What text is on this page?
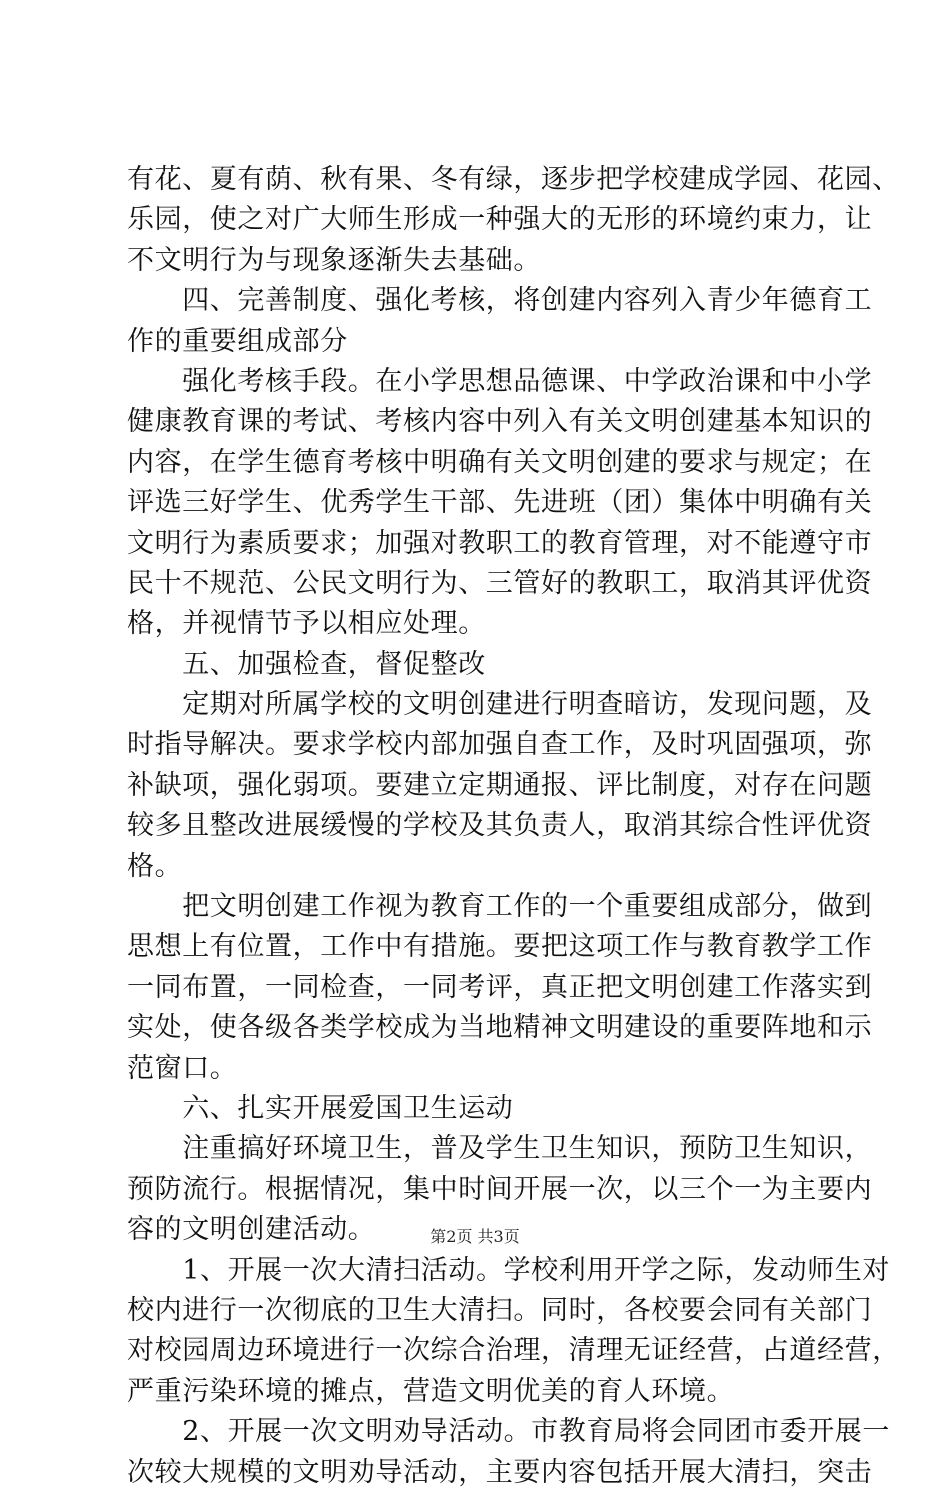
有花、夏有荫、秋有果、冬有绿，逐步把学校建成学园、花园、
乐园，使之对广大师生形成一种强大的无形的环境约束力，让
不文明行为与现象逐渐失去基础。
　　四、完善制度、强化考核，将创建内容列入青少年德育工
作的重要组成部分
　　强化考核手段。在小学思想品德课、中学政治课和中小学
健康教育课的考试、考核内容中列入有关文明创建基本知识的
内容，在学生德育考核中明确有关文明创建的要求与规定；在
评选三好学生、优秀学生干部、先进班（团）集体中明确有关
文明行为素质要求；加强对教职工的教育管理，对不能遵守市
民十不规范、公民文明行为、三管好的教职工，取消其评优资
格，并视情节予以相应处理。
　　五、加强检查，督促整改
　　定期对所属学校的文明创建进行明查暗访，发现问题，及
时指导解决。要求学校内部加强自查工作，及时巩固强项，弥
补缺项，强化弱项。要建立定期通报、评比制度，对存在问题
较多且整改进展缓慢的学校及其负责人，取消其综合性评优资
格。
　　把文明创建工作视为教育工作的一个重要组成部分，做到
思想上有位置，工作中有措施。要把这项工作与教育教学工作
一同布置，一同检查，一同考评，真正把文明创建工作落实到
实处，使各级各类学校成为当地精神文明建设的重要阵地和示
范窗口。
　　六、扎实开展爱国卫生运动
　　注重搞好环境卫生，普及学生卫生知识，预防卫生知识，
预防流行。根据情况，集中时间开展一次，以三个一为主要内
容的文明创建活动。
　　1、开展一次大清扫活动。学校利用开学之际，发动师生对
校内进行一次彻底的卫生大清扫。同时，各校要会同有关部门
对校园周边环境进行一次综合治理，清理无证经营，占道经营，
严重污染环境的摊点，营造文明优美的育人环境。
　　2、开展一次文明劝导活动。市教育局将会同团市委开展一
次较大规模的文明劝导活动，主要内容包括开展大清扫，突击
第2页 共3页
